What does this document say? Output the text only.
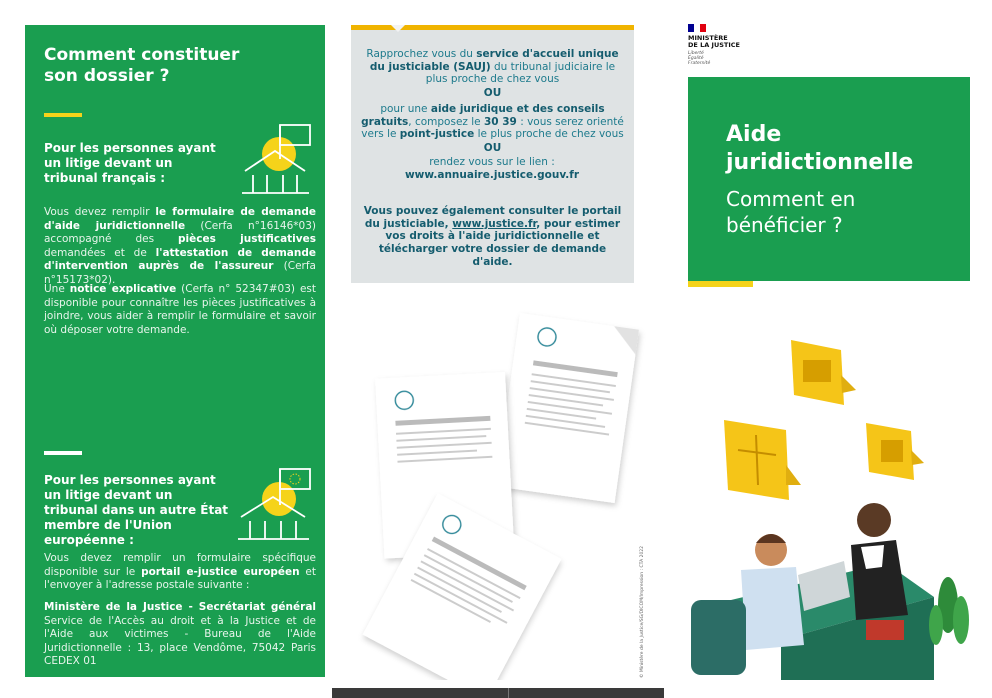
Comment constituer son dossier ?

Pour les personnes ayant un litige devant un tribunal français :

Vous devez remplir le formulaire de demande d'aide juridictionnelle (Cerfa n°16146*03) accompagné des pièces justificatives demandées et de l'attestation de demande d'intervention auprès de l'assureur (Cerfa n°15173*02).

Une notice explicative (Cerfa n° 52347#03) est disponible pour connaître les pièces justificatives à joindre, vous aider à remplir le formulaire et savoir où déposer votre demande.

Pour les personnes ayant un litige devant un tribunal dans un autre État membre de l'Union européenne :

Vous devez remplir un formulaire spécifique disponible sur le portail e-justice européen et l'envoyer à l'adresse postale suivante :

Ministère de la Justice - Secrétariat général Service de l'Accès au droit et à la Justice et de l'Aide aux victimes - Bureau de l'Aide Juridictionnelle : 13, place Vendôme, 75042 Paris CEDEX 01

Rapprochez vous du service d'accueil unique du justiciable (SAUJ) du tribunal judiciaire le plus proche de chez vous

OU

pour une aide juridique et des conseils gratuits, composez le 30 39 : vous serez orienté vers le point-justice le plus proche de chez vous

OU

rendez vous sur le lien : www.annuaire.justice.gouv.fr

Vous pouvez également consulter le portail du justiciable, www.justice.fr, pour estimer vos droits à l'aide juridictionnelle et télécharger votre dossier de demande d'aide.

© Ministère de la Justice/SG/DICOM/Impression : CTA 2022
MINISTÈRE
DE LA JUSTICE
Liberté
Égalité
Fraternité

Aide juridictionnelle

Comment en bénéficier ?
